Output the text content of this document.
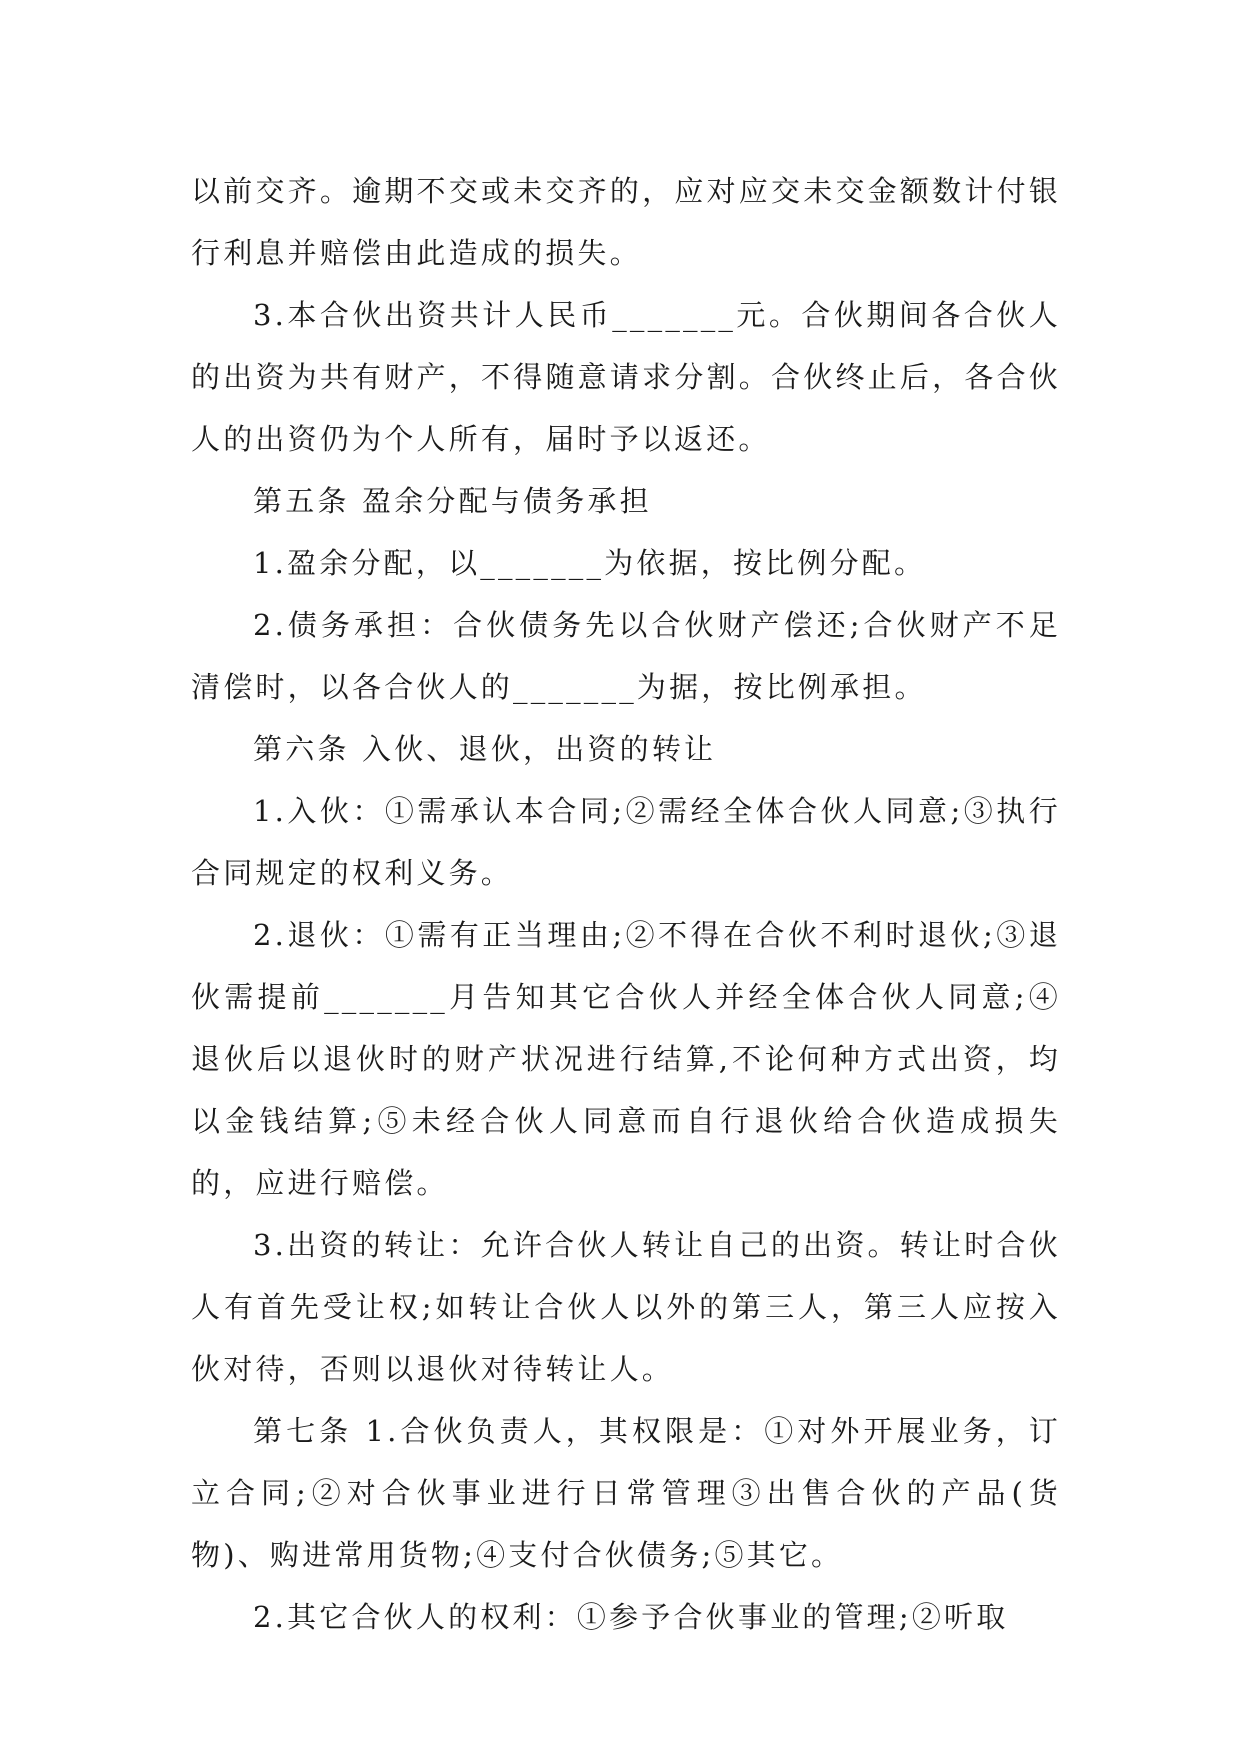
以前交齐。逾期不交或未交齐的，应对应交未交金额数计付银行利息并赔偿由此造成的损失。

3.本合伙出资共计人民币_______元。合伙期间各合伙人的出资为共有财产，不得随意请求分割。合伙终止后，各合伙人的出资仍为个人所有，届时予以返还。

第五条 盈余分配与债务承担

1.盈余分配，以_______为依据，按比例分配。

2.债务承担：合伙债务先以合伙财产偿还;合伙财产不足清偿时，以各合伙人的_______为据，按比例承担。

第六条 入伙、退伙，出资的转让

1.入伙：①需承认本合同;②需经全体合伙人同意;③执行合同规定的权利义务。

2.退伙：①需有正当理由;②不得在合伙不利时退伙;③退伙需提前_______月告知其它合伙人并经全体合伙人同意;④退伙后以退伙时的财产状况进行结算,不论何种方式出资，均以金钱结算;⑤未经合伙人同意而自行退伙给合伙造成损失的，应进行赔偿。

3.出资的转让：允许合伙人转让自己的出资。转让时合伙人有首先受让权;如转让合伙人以外的第三人，第三人应按入伙对待，否则以退伙对待转让人。

第七条 1.合伙负责人，其权限是：①对外开展业务，订立合同;②对合伙事业进行日常管理③出售合伙的产品(货物)、购进常用货物;④支付合伙债务;⑤其它。

2.其它合伙人的权利：①参予合伙事业的管理;②听取
